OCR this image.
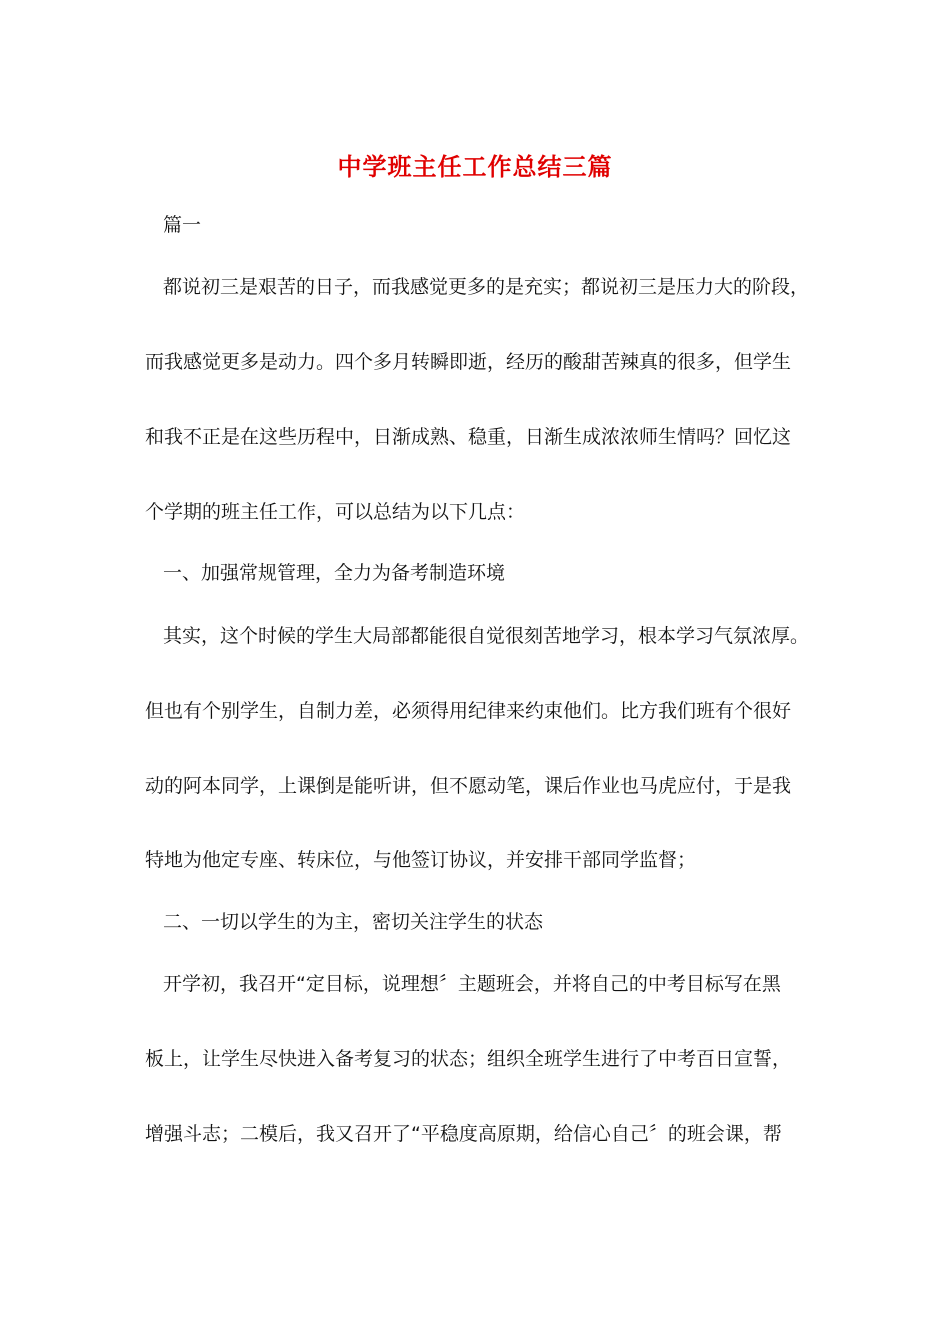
中学班主任工作总结三篇
篇一
都说初三是艰苦的日子，而我感觉更多的是充实；都说初三是压力大的阶段，
而我感觉更多是动力。四个多月转瞬即逝，经历的酸甜苦辣真的很多，但学生
和我不正是在这些历程中，日渐成熟、稳重，日渐生成浓浓师生情吗？回忆这
个学期的班主任工作，可以总结为以下几点：
一、加强常规管理，全力为备考制造环境
其实，这个时候的学生大局部都能很自觉很刻苦地学习，根本学习气氛浓厚。
但也有个别学生，自制力差，必须得用纪律来约束他们。比方我们班有个很好
动的阿本同学，上课倒是能听讲，但不愿动笔，课后作业也马虎应付，于是我
特地为他定专座、转床位，与他签订协议，并安排干部同学监督；
二、一切以学生的为主，密切关注学生的状态
开学初，我召开“定目标，说理想〞主题班会，并将自己的中考目标写在黑
板上，让学生尽快进入备考复习的状态；组织全班学生进行了中考百日宣誓，
增强斗志；二模后，我又召开了“平稳度高原期，给信心自己〞的班会课，帮
